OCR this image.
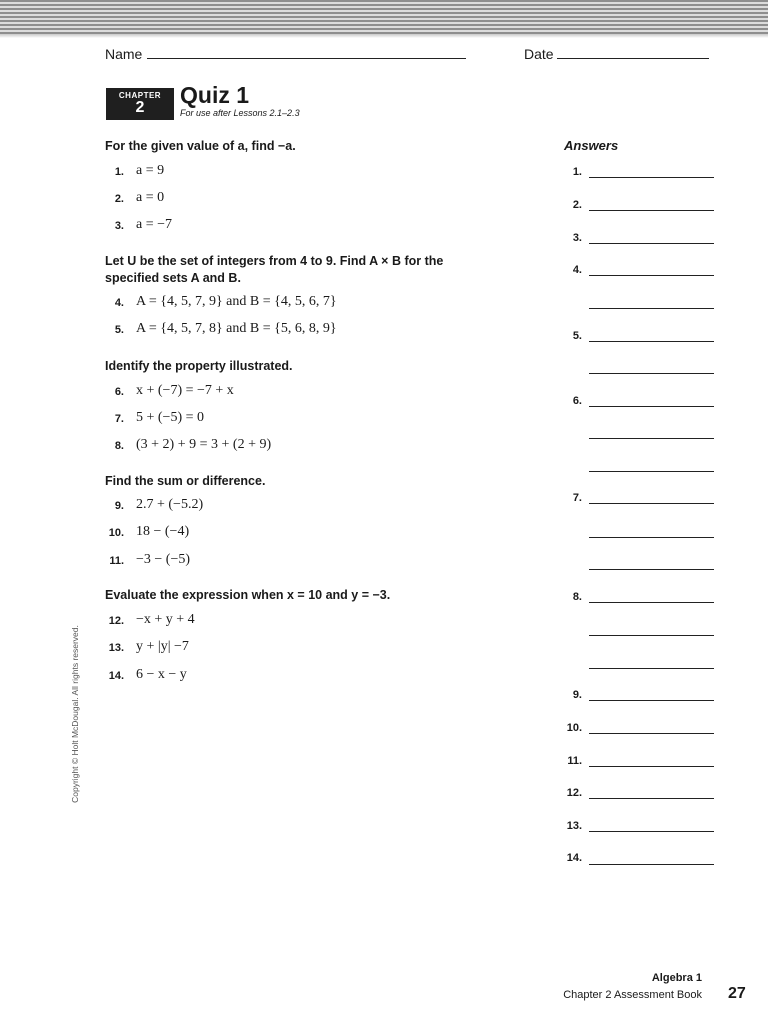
Name	Date
CHAPTER
2	Quiz 1
For use after Lessons 2.1–2.3
For the given value of a, find −a.
1. a = 9
2. a = 0
3. a = −7
Let U be the set of integers from 4 to 9. Find A × B for the
specified sets A and B.
4. A = {4, 5, 7, 9} and B = {4, 5, 6, 7}
5. A = {4, 5, 7, 8} and B = {5, 6, 8, 9}
Identify the property illustrated.
6. x + (−7) = −7 + x
7. 5 + (−5) = 0
8. (3 + 2) + 9 = 3 + (2 + 9)
Find the sum or difference.
9. 2.7 + (−5.2)
10. 18 − (−4)
11. −3 − (−5)
Evaluate the expression when x = 10 and y = −3.
12. −x + y + 4
13. y + |y| −7
14. 6 − x − y
Answers
1.
2.
3.
4.
5.
6.
7.
8.
9.
10.
11.
12.
13.
14.
Copyright © Holt McDougal. All rights reserved.
Algebra 1
Chapter 2 Assessment Book 27
